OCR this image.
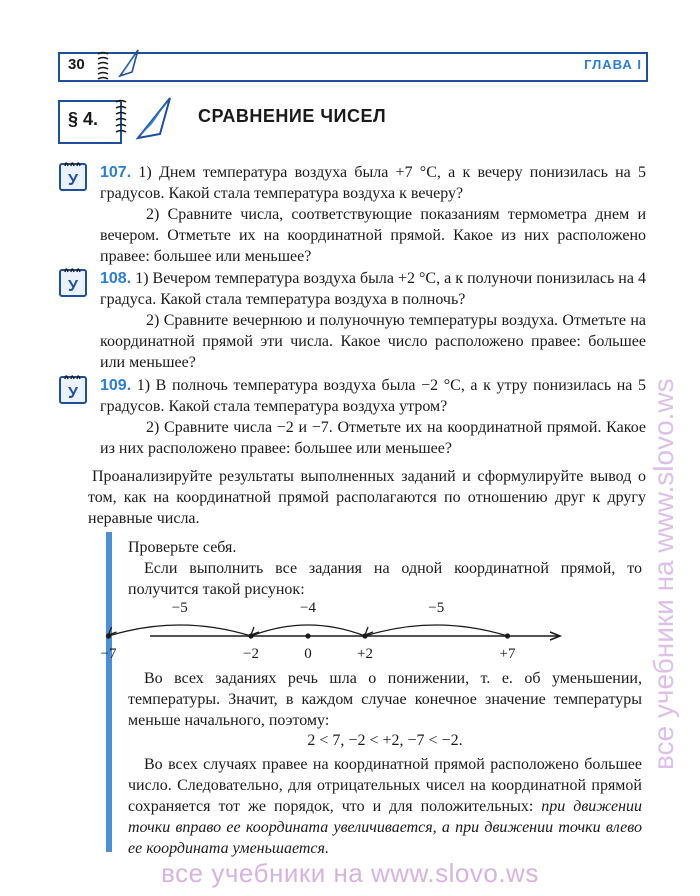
30	ГЛАВА I
§ 4.	СРАВНЕНИЕ ЧИСЕЛ
У
У
У

107. 1) Днем температура воздуха была +7 °С, а к вечеру понизилась на 5 градусов. Какой стала температура воздуха к вечеру?

2) Сравните числа, соответствующие показаниям термометра днем и вечером. Отметьте их на координатной прямой. Какое из них расположено правее: большее или меньшее?

108. 1) Вечером температура воздуха была +2 °С, а к полуночи понизилась на 4 градуса. Какой стала температура воздуха в полночь?

2) Сравните вечернюю и полуночную температуры воздуха. Отметьте на координатной прямой эти числа. Какое число расположено правее: большее или меньшее?

109. 1) В полночь температура воздуха была −2 °С, а к утру понизилась на 5 градусов. Какой стала температура воздуха утром?

2) Сравните числа −2 и −7. Отметьте их на координатной прямой. Какое из них расположено правее: большее или меньшее?

Проанализируйте результаты выполненных заданий и сформулируйте вывод о том, как на координатной прямой располагаются по отношению друг к другу неравные числа.

Проверьте себя.

Если выполнить все задания на одной координатной прямой, то получится такой рисунок:

−4
−5	−5
−7	−2	0	+2	+7

Во всех заданиях речь шла о понижении, т. е. об уменьшении, температуры. Значит, в каждом случае конечное значение температуры меньше начального, поэтому:

2 < 7, −2 < +2, −7 < −2.

Во всех случаях правее на координатной прямой расположено большее число. Следовательно, для отрицательных чисел на координатной прямой сохраняется тот же порядок, что и для положительных: при движении точки вправо ее координата увеличивается, а при движении точки влево ее координата уменьшается.

все учебники на www.slovo.ws
все учебники на www.slovo.ws
